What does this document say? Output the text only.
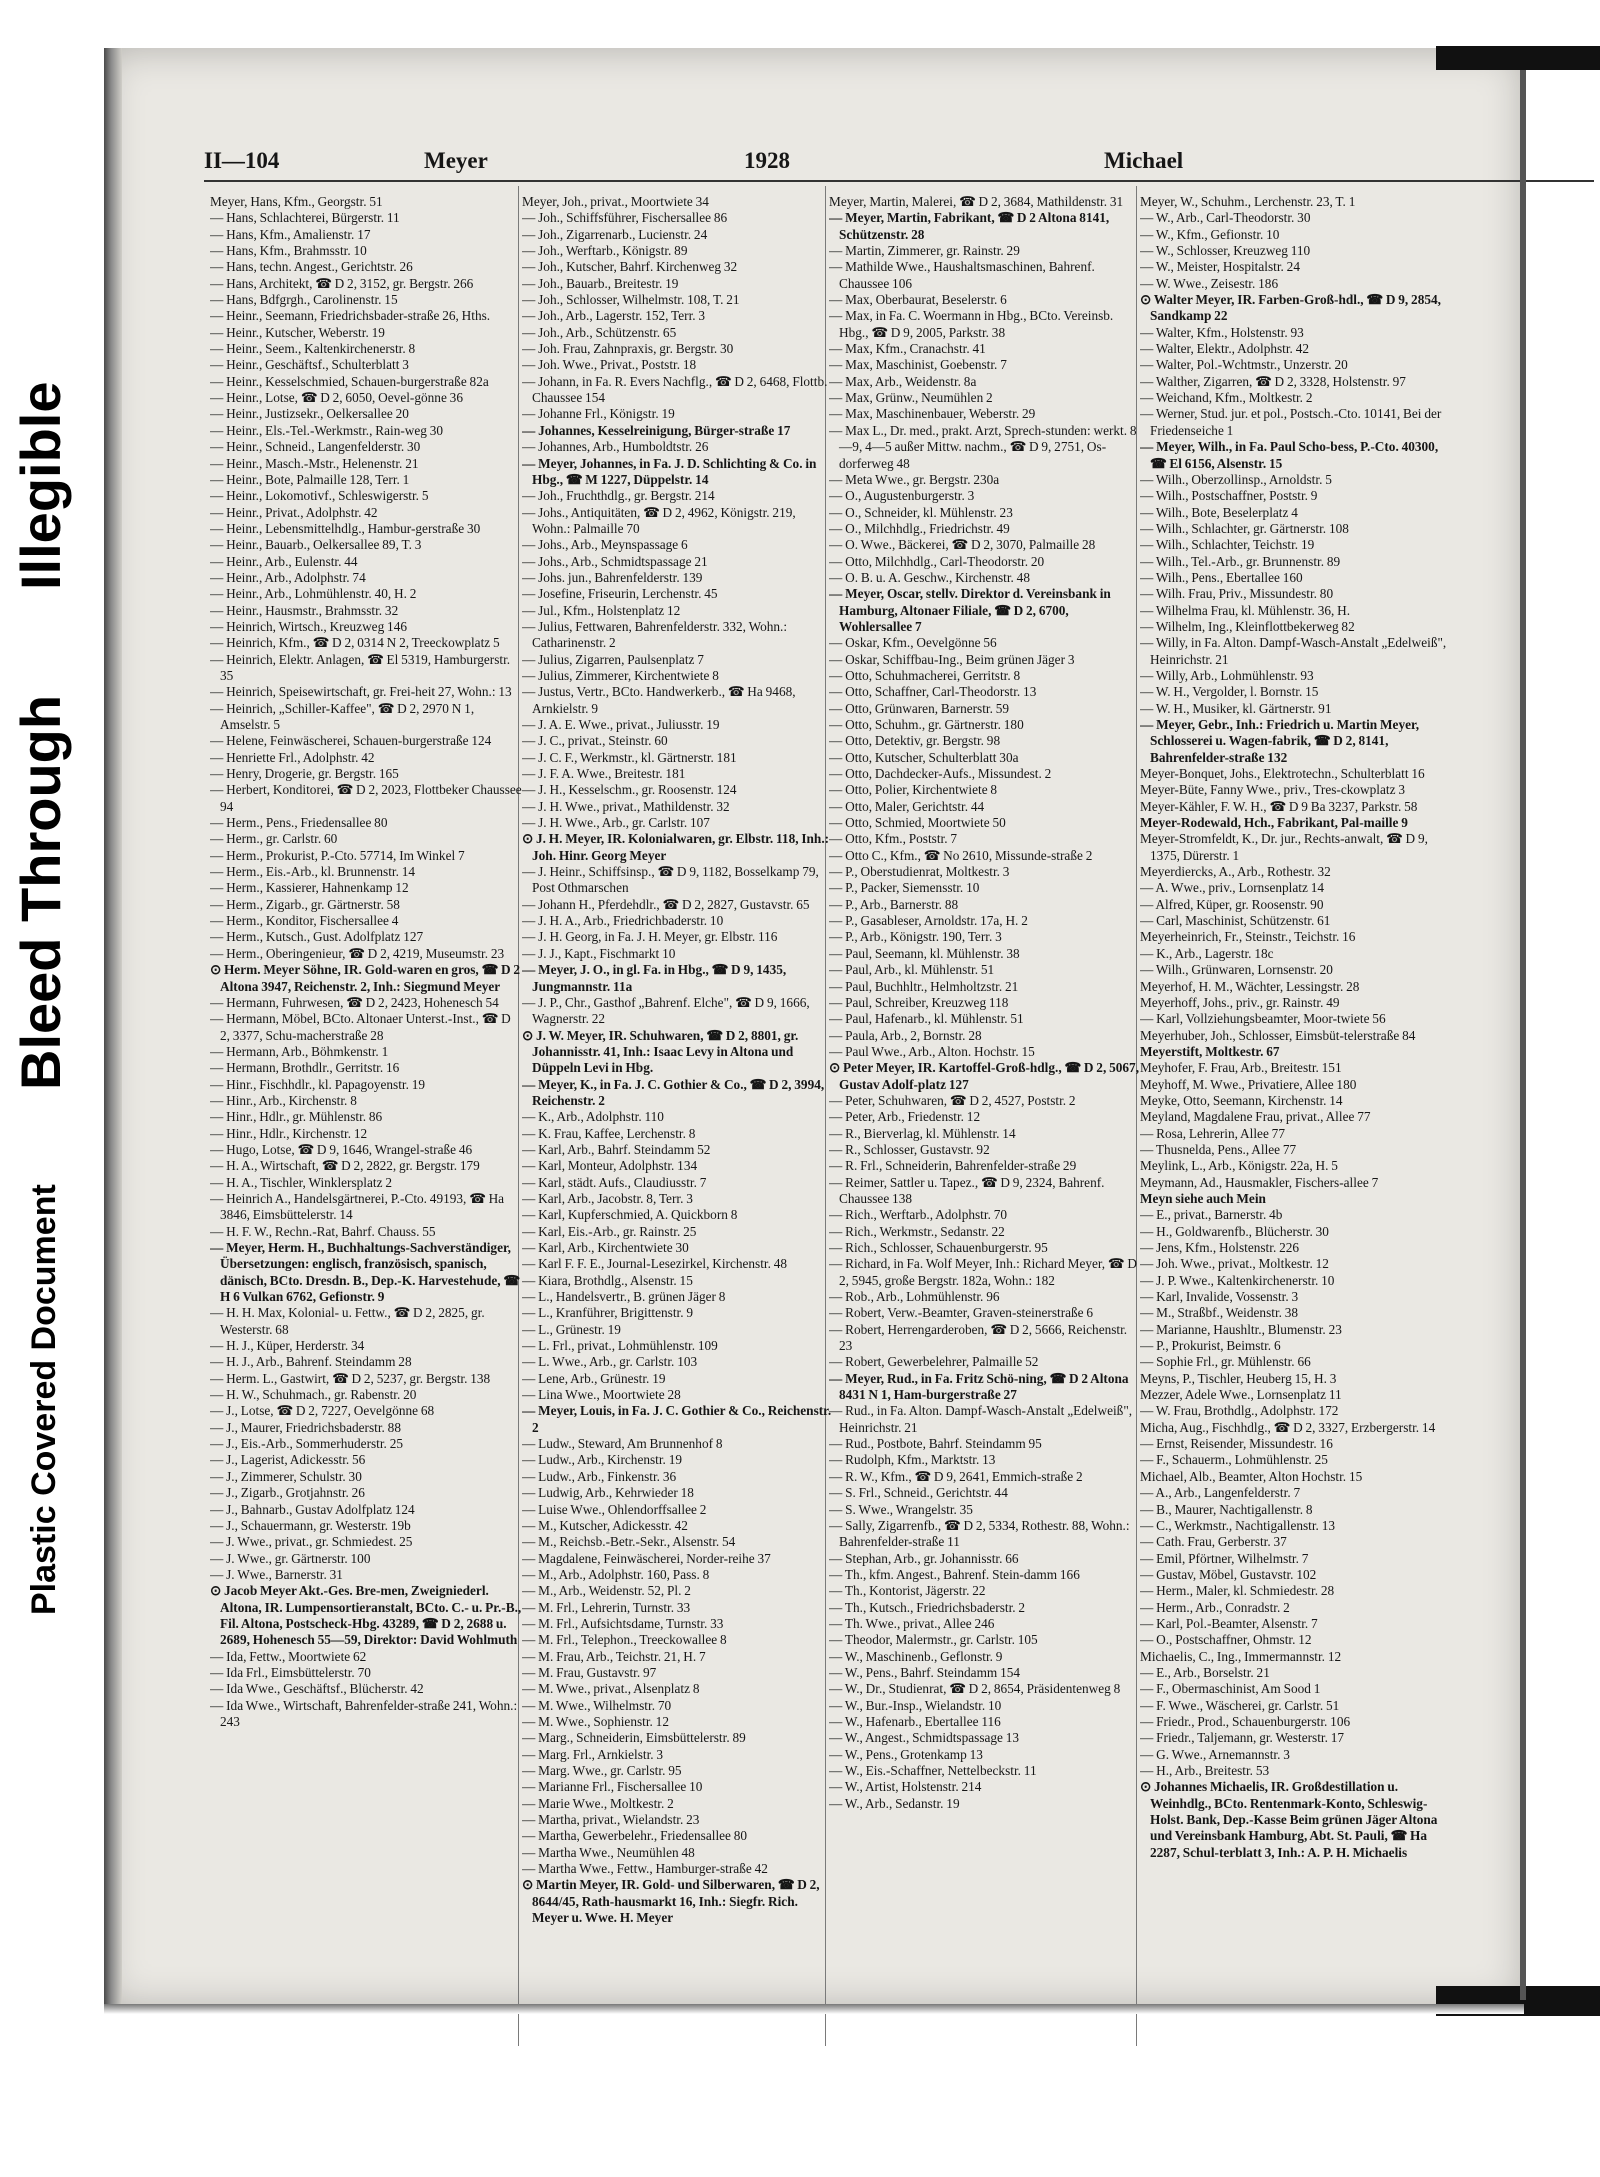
Plastic Covered Document
Bleed Through
Illegible
II—104	Meyer	1928	Michael

Meyer, Hans, Kfm., Georgstr. 51

— Hans, Schlachterei, Bürgerstr. 11

— Hans, Kfm., Amalienstr. 17

— Hans, Kfm., Brahmsstr. 10

— Hans, techn. Angest., Gerichtstr. 26

— Hans, Architekt, ☎ D 2, 3152, gr. Bergstr. 266

— Hans, Bdfgrgh., Carolinenstr. 15

— Heinr., Seemann, Friedrichsbader-straße 26, Hths.

— Heinr., Kutscher, Weberstr. 19

— Heinr., Seem., Kaltenkirchenerstr. 8

— Heinr., Geschäftsf., Schulterblatt 3

— Heinr., Kesselschmied, Schauen-burgerstraße 82a

— Heinr., Lotse, ☎ D 2, 6050, Oevel-gönne 36

— Heinr., Justizsekr., Oelkersallee 20

— Heinr., Els.-Tel.-Werkmstr., Rain-weg 30

— Heinr., Schneid., Langenfelderstr. 30

— Heinr., Masch.-Mstr., Helenenstr. 21

— Heinr., Bote, Palmaille 128, Terr. 1

— Heinr., Lokomotivf., Schleswigerstr. 5

— Heinr., Privat., Adolphstr. 42

— Heinr., Lebensmittelhdlg., Hambur-gerstraße 30

— Heinr., Bauarb., Oelkersallee 89, T. 3

— Heinr., Arb., Eulenstr. 44

— Heinr., Arb., Adolphstr. 74

— Heinr., Arb., Lohmühlenstr. 40, H. 2

— Heinr., Hausmstr., Brahmsstr. 32

— Heinrich, Wirtsch., Kreuzweg 146

— Heinrich, Kfm., ☎ D 2, 0314 N 2, Treeckowplatz 5

— Heinrich, Elektr. Anlagen, ☎ El 5319, Hamburgerstr. 35

— Heinrich, Speisewirtschaft, gr. Frei-heit 27, Wohn.: 13

— Heinrich, „Schiller-Kaffee", ☎ D 2, 2970 N 1, Amselstr. 5

— Helene, Feinwäscherei, Schauen-burgerstraße 124

— Henriette Frl., Adolphstr. 42

— Henry, Drogerie, gr. Bergstr. 165

— Herbert, Konditorei, ☎ D 2, 2023, Flottbeker Chaussee 94

— Herm., Pens., Friedensallee 80

— Herm., gr. Carlstr. 60

— Herm., Prokurist, P.-Cto. 57714, Im Winkel 7

— Herm., Eis.-Arb., kl. Brunnenstr. 14

— Herm., Kassierer, Hahnenkamp 12

— Herm., Zigarb., gr. Gärtnerstr. 58

— Herm., Konditor, Fischersallee 4

— Herm., Kutsch., Gust. Adolfplatz 127

— Herm., Oberingenieur, ☎ D 2, 4219, Museumstr. 23

⊙ Herm. Meyer Söhne, IR. Gold-waren en gros, ☎ D 2 Altona 3947, Reichenstr. 2, Inh.: Siegmund Meyer

— Hermann, Fuhrwesen, ☎ D 2, 2423, Hohenesch 54

— Hermann, Möbel, BCto. Altonaer Unterst.-Inst., ☎ D 2, 3377, Schu-macherstraße 28

— Hermann, Arb., Böhmkenstr. 1

— Hermann, Brothdlr., Gerritstr. 16

— Hinr., Fischhdlr., kl. Papagoyenstr. 19

— Hinr., Arb., Kirchenstr. 8

— Hinr., Hdlr., gr. Mühlenstr. 86

— Hinr., Hdlr., Kirchenstr. 12

— Hugo, Lotse, ☎ D 9, 1646, Wrangel-straße 46

— H. A., Wirtschaft, ☎ D 2, 2822, gr. Bergstr. 179

— H. A., Tischler, Winklersplatz 2

— Heinrich A., Handelsgärtnerei, P.-Cto. 49193, ☎ Ha 3846, Eimsbüttelerstr. 14

— H. F. W., Rechn.-Rat, Bahrf. Chauss. 55

— Meyer, Herm. H., Buchhaltungs-Sachverständiger, Übersetzungen: englisch, französisch, spanisch, dänisch, BCto. Dresdn. B., Dep.-K. Harvestehude, ☎ H 6 Vulkan 6762, Gefionstr. 9

— H. H. Max, Kolonial- u. Fettw., ☎ D 2, 2825, gr. Westerstr. 68

— H. J., Küper, Herderstr. 34

— H. J., Arb., Bahrenf. Steindamm 28

— Herm. L., Gastwirt, ☎ D 2, 5237, gr. Bergstr. 138

— H. W., Schuhmach., gr. Rabenstr. 20

— J., Lotse, ☎ D 2, 7227, Oevelgönne 68

— J., Maurer, Friedrichsbaderstr. 88

— J., Eis.-Arb., Sommerhuderstr. 25

— J., Lagerist, Adickesstr. 56

— J., Zimmerer, Schulstr. 30

— J., Zigarb., Grotjahnstr. 26

— J., Bahnarb., Gustav Adolfplatz 124

— J., Schauermann, gr. Westerstr. 19b

— J. Wwe., privat., gr. Schmiedest. 25

— J. Wwe., gr. Gärtnerstr. 100

— J. Wwe., Barnerstr. 31

⊙ Jacob Meyer Akt.-Ges. Bre-men, Zweigniederl. Altona, IR. Lumpensortieranstalt, BCto. C.- u. Pr.-B., Fil. Altona, Postscheck-Hbg. 43289, ☎ D 2, 2688 u. 2689, Hohenesch 55—59, Direktor: David Wohlmuth

— Ida, Fettw., Moortwiete 62

— Ida Frl., Eimsbüttelerstr. 70

— Ida Wwe., Geschäftsf., Blücherstr. 42

— Ida Wwe., Wirtschaft, Bahrenfelder-straße 241, Wohn.: 243

Meyer, Joh., privat., Moortwiete 34

— Joh., Schiffsführer, Fischersallee 86

— Joh., Zigarrenarb., Lucienstr. 24

— Joh., Werftarb., Königstr. 89

— Joh., Kutscher, Bahrf. Kirchenweg 32

— Joh., Bauarb., Breitestr. 19

— Joh., Schlosser, Wilhelmstr. 108, T. 21

— Joh., Arb., Lagerstr. 152, Terr. 3

— Joh., Arb., Schützenstr. 65

— Joh. Frau, Zahnpraxis, gr. Bergstr. 30

— Joh. Wwe., Privat., Poststr. 18

— Johann, in Fa. R. Evers Nachflg., ☎ D 2, 6468, Flottb. Chaussee 154

— Johanne Frl., Königstr. 19

— Johannes, Kesselreinigung, Bürger-straße 17

— Johannes, Arb., Humboldtstr. 26

— Meyer, Johannes, in Fa. J. D. Schlichting & Co. in Hbg., ☎ M 1227, Düppelstr. 14

— Joh., Fruchthdlg., gr. Bergstr. 214

— Johs., Antiquitäten, ☎ D 2, 4962, Königstr. 219, Wohn.: Palmaille 70

— Johs., Arb., Meynspassage 6

— Johs., Arb., Schmidtspassage 21

— Johs. jun., Bahrenfelderstr. 139

— Josefine, Friseurin, Lerchenstr. 45

— Jul., Kfm., Holstenplatz 12

— Julius, Fettwaren, Bahrenfelderstr. 332, Wohn.: Catharinenstr. 2

— Julius, Zigarren, Paulsenplatz 7

— Julius, Zimmerer, Kirchentwiete 8

— Justus, Vertr., BCto. Handwerkerb., ☎ Ha 9468, Arnkielstr. 9

— J. A. E. Wwe., privat., Juliusstr. 19

— J. C., privat., Steinstr. 60

— J. C. F., Werkmstr., kl. Gärtnerstr. 181

— J. F. A. Wwe., Breitestr. 181

— J. H., Kesselschm., gr. Roosenstr. 124

— J. H. Wwe., privat., Mathildenstr. 32

— J. H. Wwe., Arb., gr. Carlstr. 107

⊙ J. H. Meyer, IR. Kolonialwaren, gr. Elbstr. 118, Inh.: Joh. Hinr. Georg Meyer

— J. Heinr., Schiffsinsp., ☎ D 9, 1182, Bosselkamp 79, Post Othmarschen

— Johann H., Pferdehdlr., ☎ D 2, 2827, Gustavstr. 65

— J. H. A., Arb., Friedrichbaderstr. 10

— J. H. Georg, in Fa. J. H. Meyer, gr. Elbstr. 116

— J. J., Kapt., Fischmarkt 10

— Meyer, J. O., in gl. Fa. in Hbg., ☎ D 9, 1435, Jungmannstr. 11a

— J. P., Chr., Gasthof „Bahrenf. Elche", ☎ D 9, 1666, Wagnerstr. 22

⊙ J. W. Meyer, IR. Schuhwaren, ☎ D 2, 8801, gr. Johannisstr. 41, Inh.: Isaac Levy in Altona und Düppeln Levi in Hbg.

— Meyer, K., in Fa. J. C. Gothier & Co., ☎ D 2, 3994, Reichenstr. 2

— K., Arb., Adolphstr. 110

— K. Frau, Kaffee, Lerchenstr. 8

— Karl, Arb., Bahrf. Steindamm 52

— Karl, Monteur, Adolphstr. 134

— Karl, städt. Aufs., Claudiusstr. 7

— Karl, Arb., Jacobstr. 8, Terr. 3

— Karl, Kupferschmied, A. Quickborn 8

— Karl, Eis.-Arb., gr. Rainstr. 25

— Karl, Arb., Kirchentwiete 30

— Karl F. F. E., Journal-Lesezirkel, Kirchenstr. 48

— Kiara, Brothdlg., Alsenstr. 15

— L., Handelsvertr., B. grünen Jäger 8

— L., Kranführer, Brigittenstr. 9

— L., Grünestr. 19

— L. Frl., privat., Lohmühlenstr. 109

— L. Wwe., Arb., gr. Carlstr. 103

— Lene, Arb., Grünestr. 19

— Lina Wwe., Moortwiete 28

— Meyer, Louis, in Fa. J. C. Gothier & Co., Reichenstr. 2

— Ludw., Steward, Am Brunnenhof 8

— Ludw., Arb., Kirchenstr. 19

— Ludw., Arb., Finkenstr. 36

— Ludwig, Arb., Kehrwieder 18

— Luise Wwe., Ohlendorffsallee 2

— M., Kutscher, Adickesstr. 42

— M., Reichsb.-Betr.-Sekr., Alsenstr. 54

— Magdalene, Feinwäscherei, Norder-reihe 37

— M., Arb., Adolphstr. 160, Pass. 8

— M., Arb., Weidenstr. 52, Pl. 2

— M. Frl., Lehrerin, Turnstr. 33

— M. Frl., Aufsichtsdame, Turnstr. 33

— M. Frl., Telephon., Treeckowallee 8

— M. Frau, Arb., Teichstr. 21, H. 7

— M. Frau, Gustavstr. 97

— M. Wwe., privat., Alsenplatz 8

— M. Wwe., Wilhelmstr. 70

— M. Wwe., Sophienstr. 12

— Marg., Schneiderin, Eimsbüttelerstr. 89

— Marg. Frl., Arnkielstr. 3

— Marg. Wwe., gr. Carlstr. 95

— Marianne Frl., Fischersallee 10

— Marie Wwe., Moltkestr. 2

— Martha, privat., Wielandstr. 23

— Martha, Gewerbelehr., Friedensallee 80

— Martha Wwe., Neumühlen 48

— Martha Wwe., Fettw., Hamburger-straße 42

⊙ Martin Meyer, IR. Gold- und Silberwaren, ☎ D 2, 8644/45, Rath-hausmarkt 16, Inh.: Siegfr. Rich. Meyer u. Wwe. H. Meyer

Meyer, Martin, Malerei, ☎ D 2, 3684, Mathildenstr. 31

— Meyer, Martin, Fabrikant, ☎ D 2 Altona 8141, Schützenstr. 28

— Martin, Zimmerer, gr. Rainstr. 29

— Mathilde Wwe., Haushaltsmaschinen, Bahrenf. Chaussee 106

— Max, Oberbaurat, Beselerstr. 6

— Max, in Fa. C. Woermann in Hbg., BCto. Vereinsb. Hbg., ☎ D 9, 2005, Parkstr. 38

— Max, Kfm., Cranachstr. 41

— Max, Maschinist, Goebenstr. 7

— Max, Arb., Weidenstr. 8a

— Max, Grünw., Neumühlen 2

— Max, Maschinenbauer, Weberstr. 29

— Max L., Dr. med., prakt. Arzt, Sprech-stunden: werkt. 8—9, 4—5 außer Mittw. nachm., ☎ D 9, 2751, Os-dorferweg 48

— Meta Wwe., gr. Bergstr. 230a

— O., Augustenburgerstr. 3

— O., Schneider, kl. Mühlenstr. 23

— O., Milchhdlg., Friedrichstr. 49

— O. Wwe., Bäckerei, ☎ D 2, 3070, Palmaille 28

— Otto, Milchhdlg., Carl-Theodorstr. 20

— O. B. u. A. Geschw., Kirchenstr. 48

— Meyer, Oscar, stellv. Direktor d. Vereinsbank in Hamburg, Altonaer Filiale, ☎ D 2, 6700, Wohlersallee 7

— Oskar, Kfm., Oevelgönne 56

— Oskar, Schiffbau-Ing., Beim grünen Jäger 3

— Otto, Schuhmacherei, Gerritstr. 8

— Otto, Schaffner, Carl-Theodorstr. 13

— Otto, Grünwaren, Barnerstr. 59

— Otto, Schuhm., gr. Gärtnerstr. 180

— Otto, Detektiv, gr. Bergstr. 98

— Otto, Kutscher, Schulterblatt 30a

— Otto, Dachdecker-Aufs., Missundest. 2

— Otto, Polier, Kirchentwiete 8

— Otto, Maler, Gerichtstr. 44

— Otto, Schmied, Moortwiete 50

— Otto, Kfm., Poststr. 7

— Otto C., Kfm., ☎ No 2610, Missunde-straße 2

— P., Oberstudienrat, Moltkestr. 3

— P., Packer, Siemensstr. 10

— P., Arb., Barnerstr. 88

— P., Gasableser, Arnoldstr. 17a, H. 2

— P., Arb., Königstr. 190, Terr. 3

— Paul, Seemann, kl. Mühlenstr. 38

— Paul, Arb., kl. Mühlenstr. 51

— Paul, Buchhltr., Helmholtzstr. 21

— Paul, Schreiber, Kreuzweg 118

— Paul, Hafenarb., kl. Mühlenstr. 51

— Paula, Arb., 2, Bornstr. 28

— Paul Wwe., Arb., Alton. Hochstr. 15

⊙ Peter Meyer, IR. Kartoffel-Groß-hdlg., ☎ D 2, 5067, Gustav Adolf-platz 127

— Peter, Schuhwaren, ☎ D 2, 4527, Poststr. 2

— Peter, Arb., Friedenstr. 12

— R., Bierverlag, kl. Mühlenstr. 14

— R., Schlosser, Gustavstr. 92

— R. Frl., Schneiderin, Bahrenfelder-straße 29

— Reimer, Sattler u. Tapez., ☎ D 9, 2324, Bahrenf. Chaussee 138

— Rich., Werftarb., Adolphstr. 70

— Rich., Werkmstr., Sedanstr. 22

— Rich., Schlosser, Schauenburgerstr. 95

— Richard, in Fa. Wolf Meyer, Inh.: Richard Meyer, ☎ D 2, 5945, große Bergstr. 182a, Wohn.: 182

— Rob., Arb., Lohmühlenstr. 96

— Robert, Verw.-Beamter, Graven-steinerstraße 6

— Robert, Herrengarderoben, ☎ D 2, 5666, Reichenstr. 23

— Robert, Gewerbelehrer, Palmaille 52

— Meyer, Rud., in Fa. Fritz Schö-ning, ☎ D 2 Altona 8431 N 1, Ham-burgerstraße 27

— Rud., in Fa. Alton. Dampf-Wasch-Anstalt „Edelweiß", Heinrichstr. 21

— Rud., Postbote, Bahrf. Steindamm 95

— Rudolph, Kfm., Marktstr. 13

— R. W., Kfm., ☎ D 9, 2641, Emmich-straße 2

— S. Frl., Schneid., Gerichtstr. 44

— S. Wwe., Wrangelstr. 35

— Sally, Zigarrenfb., ☎ D 2, 5334, Rothestr. 88, Wohn.: Bahrenfelder-straße 11

— Stephan, Arb., gr. Johannisstr. 66

— Th., kfm. Angest., Bahrenf. Stein-damm 166

— Th., Kontorist, Jägerstr. 22

— Th., Kutsch., Friedrichsbaderstr. 2

— Th. Wwe., privat., Allee 246

— Theodor, Malermstr., gr. Carlstr. 105

— W., Maschinenb., Geflonstr. 9

— W., Pens., Bahrf. Steindamm 154

— W., Dr., Studienrat, ☎ D 2, 8654, Präsidentenweg 8

— W., Bur.-Insp., Wielandstr. 10

— W., Hafenarb., Ebertallee 116

— W., Angest., Schmidtspassage 13

— W., Pens., Grotenkamp 13

— W., Eis.-Schaffner, Nettelbeckstr. 11

— W., Artist, Holstenstr. 214

— W., Arb., Sedanstr. 19

Meyer, W., Schuhm., Lerchenstr. 23, T. 1

— W., Arb., Carl-Theodorstr. 30

— W., Kfm., Gefionstr. 10

— W., Schlosser, Kreuzweg 110

— W., Meister, Hospitalstr. 24

— W. Wwe., Zeisestr. 186

⊙ Walter Meyer, IR. Farben-Groß-hdl., ☎ D 9, 2854, Sandkamp 22

— Walter, Kfm., Holstenstr. 93

— Walter, Elektr., Adolphstr. 42

— Walter, Pol.-Wchtmstr., Unzerstr. 20

— Walther, Zigarren, ☎ D 2, 3328, Holstenstr. 97

— Weichand, Kfm., Moltkestr. 2

— Werner, Stud. jur. et pol., Postsch.-Cto. 10141, Bei der Friedenseiche 1

— Meyer, Wilh., in Fa. Paul Scho-bess, P.-Cto. 40300, ☎ El 6156, Alsenstr. 15

— Wilh., Oberzollinsp., Arnoldstr. 5

— Wilh., Postschaffner, Poststr. 9

— Wilh., Bote, Beselerplatz 4

— Wilh., Schlachter, gr. Gärtnerstr. 108

— Wilh., Schlachter, Teichstr. 19

— Wilh., Tel.-Arb., gr. Brunnenstr. 89

— Wilh., Pens., Ebertallee 160

— Wilh. Frau, Priv., Missundestr. 80

— Wilhelma Frau, kl. Mühlenstr. 36, H.

— Wilhelm, Ing., Kleinflottbekerweg 82

— Willy, in Fa. Alton. Dampf-Wasch-Anstalt „Edelweiß", Heinrichstr. 21

— Willy, Arb., Lohmühlenstr. 93

— W. H., Vergolder, l. Bornstr. 15

— W. H., Musiker, kl. Gärtnerstr. 91

— Meyer, Gebr., Inh.: Friedrich u. Martin Meyer, Schlosserei u. Wagen-fabrik, ☎ D 2, 8141, Bahrenfelder-straße 132

Meyer-Bonquet, Johs., Elektrotechn., Schulterblatt 16

Meyer-Büte, Fanny Wwe., priv., Tres-ckowplatz 3

Meyer-Kähler, F. W. H., ☎ D 9 Ba 3237, Parkstr. 58

Meyer-Rodewald, Hch., Fabrikant, Pal-maille 9

Meyer-Stromfeldt, K., Dr. jur., Rechts-anwalt, ☎ D 9, 1375, Dürerstr. 1

Meyerdiercks, A., Arb., Rothestr. 32

— A. Wwe., priv., Lornsenplatz 14

— Alfred, Küper, gr. Roosenstr. 90

— Carl, Maschinist, Schützenstr. 61

Meyerheinrich, Fr., Steinstr., Teichstr. 16

— K., Arb., Lagerstr. 18c

— Wilh., Grünwaren, Lornsenstr. 20

Meyerhof, H. M., Wächter, Lessingstr. 28

Meyerhoff, Johs., priv., gr. Rainstr. 49

— Karl, Vollziehungsbeamter, Moor-twiete 56

Meyerhuber, Joh., Schlosser, Eimsbüt-telerstraße 84

Meyerstift, Moltkestr. 67

Meyhofer, F. Frau, Arb., Breitestr. 151

Meyhoff, M. Wwe., Privatiere, Allee 180

Meyke, Otto, Seemann, Kirchenstr. 14

Meyland, Magdalene Frau, privat., Allee 77

— Rosa, Lehrerin, Allee 77

— Thusnelda, Pens., Allee 77

Meylink, L., Arb., Königstr. 22a, H. 5

Meymann, Ad., Hausmakler, Fischers-allee 7

Meyn siehe auch Mein

— E., privat., Barnerstr. 4b

— H., Goldwarenfb., Blücherstr. 30

— Jens, Kfm., Holstenstr. 226

— Joh. Wwe., privat., Moltkestr. 12

— J. P. Wwe., Kaltenkirchenerstr. 10

— Karl, Invalide, Vossenstr. 3

— M., Straßbf., Weidenstr. 38

— Marianne, Haushltr., Blumenstr. 23

— P., Prokurist, Beimstr. 6

— Sophie Frl., gr. Mühlenstr. 66

Meyns, P., Tischler, Heuberg 15, H. 3

Mezzer, Adele Wwe., Lornsenplatz 11

— W. Frau, Brothdlg., Adolphstr. 172

Micha, Aug., Fischhdlg., ☎ D 2, 3327, Erzbergerstr. 14

— Ernst, Reisender, Missundestr. 16

— F., Schauerm., Lohmühlenstr. 25

Michael, Alb., Beamter, Alton Hochstr. 15

— A., Arb., Langenfelderstr. 7

— B., Maurer, Nachtigallenstr. 8

— C., Werkmstr., Nachtigallenstr. 13

— Cath. Frau, Gerberstr. 37

— Emil, Pförtner, Wilhelmstr. 7

— Gustav, Möbel, Gustavstr. 102

— Herm., Maler, kl. Schmiedestr. 28

— Herm., Arb., Conradstr. 2

— Karl, Pol.-Beamter, Alsenstr. 7

— O., Postschaffner, Ohmstr. 12

Michaelis, C., Ing., Immermannstr. 12

— E., Arb., Borselstr. 21

— F., Obermaschinist, Am Sood 1

— F. Wwe., Wäscherei, gr. Carlstr. 51

— Friedr., Prod., Schauenburgerstr. 106

— Friedr., Taljemann, gr. Westerstr. 17

— G. Wwe., Arnemannstr. 3

— H., Arb., Breitestr. 53

⊙ Johannes Michaelis, IR. Großdestillation u. Weinhdlg., BCto. Rentenmark-Konto, Schleswig-Holst. Bank, Dep.-Kasse Beim grünen Jäger Altona und Vereinsbank Hamburg, Abt. St. Pauli, ☎ Ha 2287, Schul-terblatt 3, Inh.: A. P. H. Michaelis
